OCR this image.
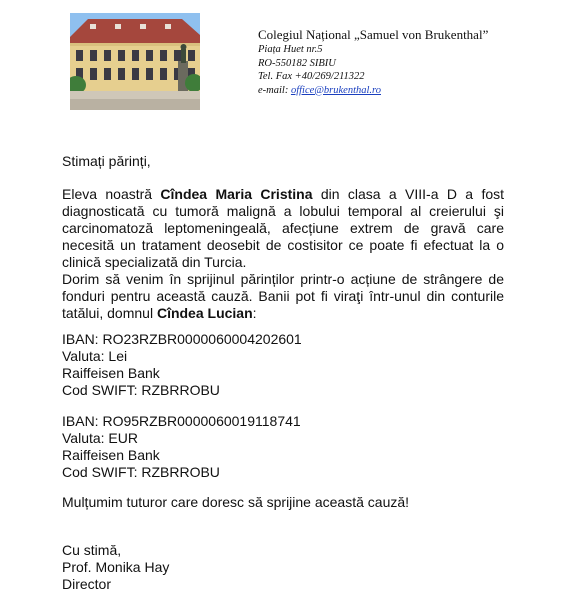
Colegiul Național „Samuel von Brukenthal”
Piața Huet nr.5
RO-550182 SIBIU
Tel. Fax +40/269/211322
e-mail: office@brukenthal.ro
Stimați părinți,

Eleva noastră Cîndea Maria Cristina din clasa a VIII-a D a fost diagnosticată cu tumoră malignă a lobului temporal al creierului şi carcinomatoză leptomeningeală, afecțiune extrem de gravă care necesită un tratament deosebit de costisitor ce poate fi efectuat la o clinică specializată din Turcia.

Dorim să venim în sprijinul părinților printr-o acțiune de strângere de fonduri pentru această cauză. Banii pot fi viraţi într-unul din conturile tatălui, domnul Cîndea Lucian:

IBAN: RO23RZBR0000060004202601
Valuta: Lei
Raiffeisen Bank
Cod SWIFT: RZBRROBU
IBAN: RO95RZBR0000060019118741
Valuta: EUR
Raiffeisen Bank
Cod SWIFT: RZBRROBU
Mulțumim tuturor care doresc să sprijine această cauză!
Cu stimă,
Prof. Monika Hay
Director
